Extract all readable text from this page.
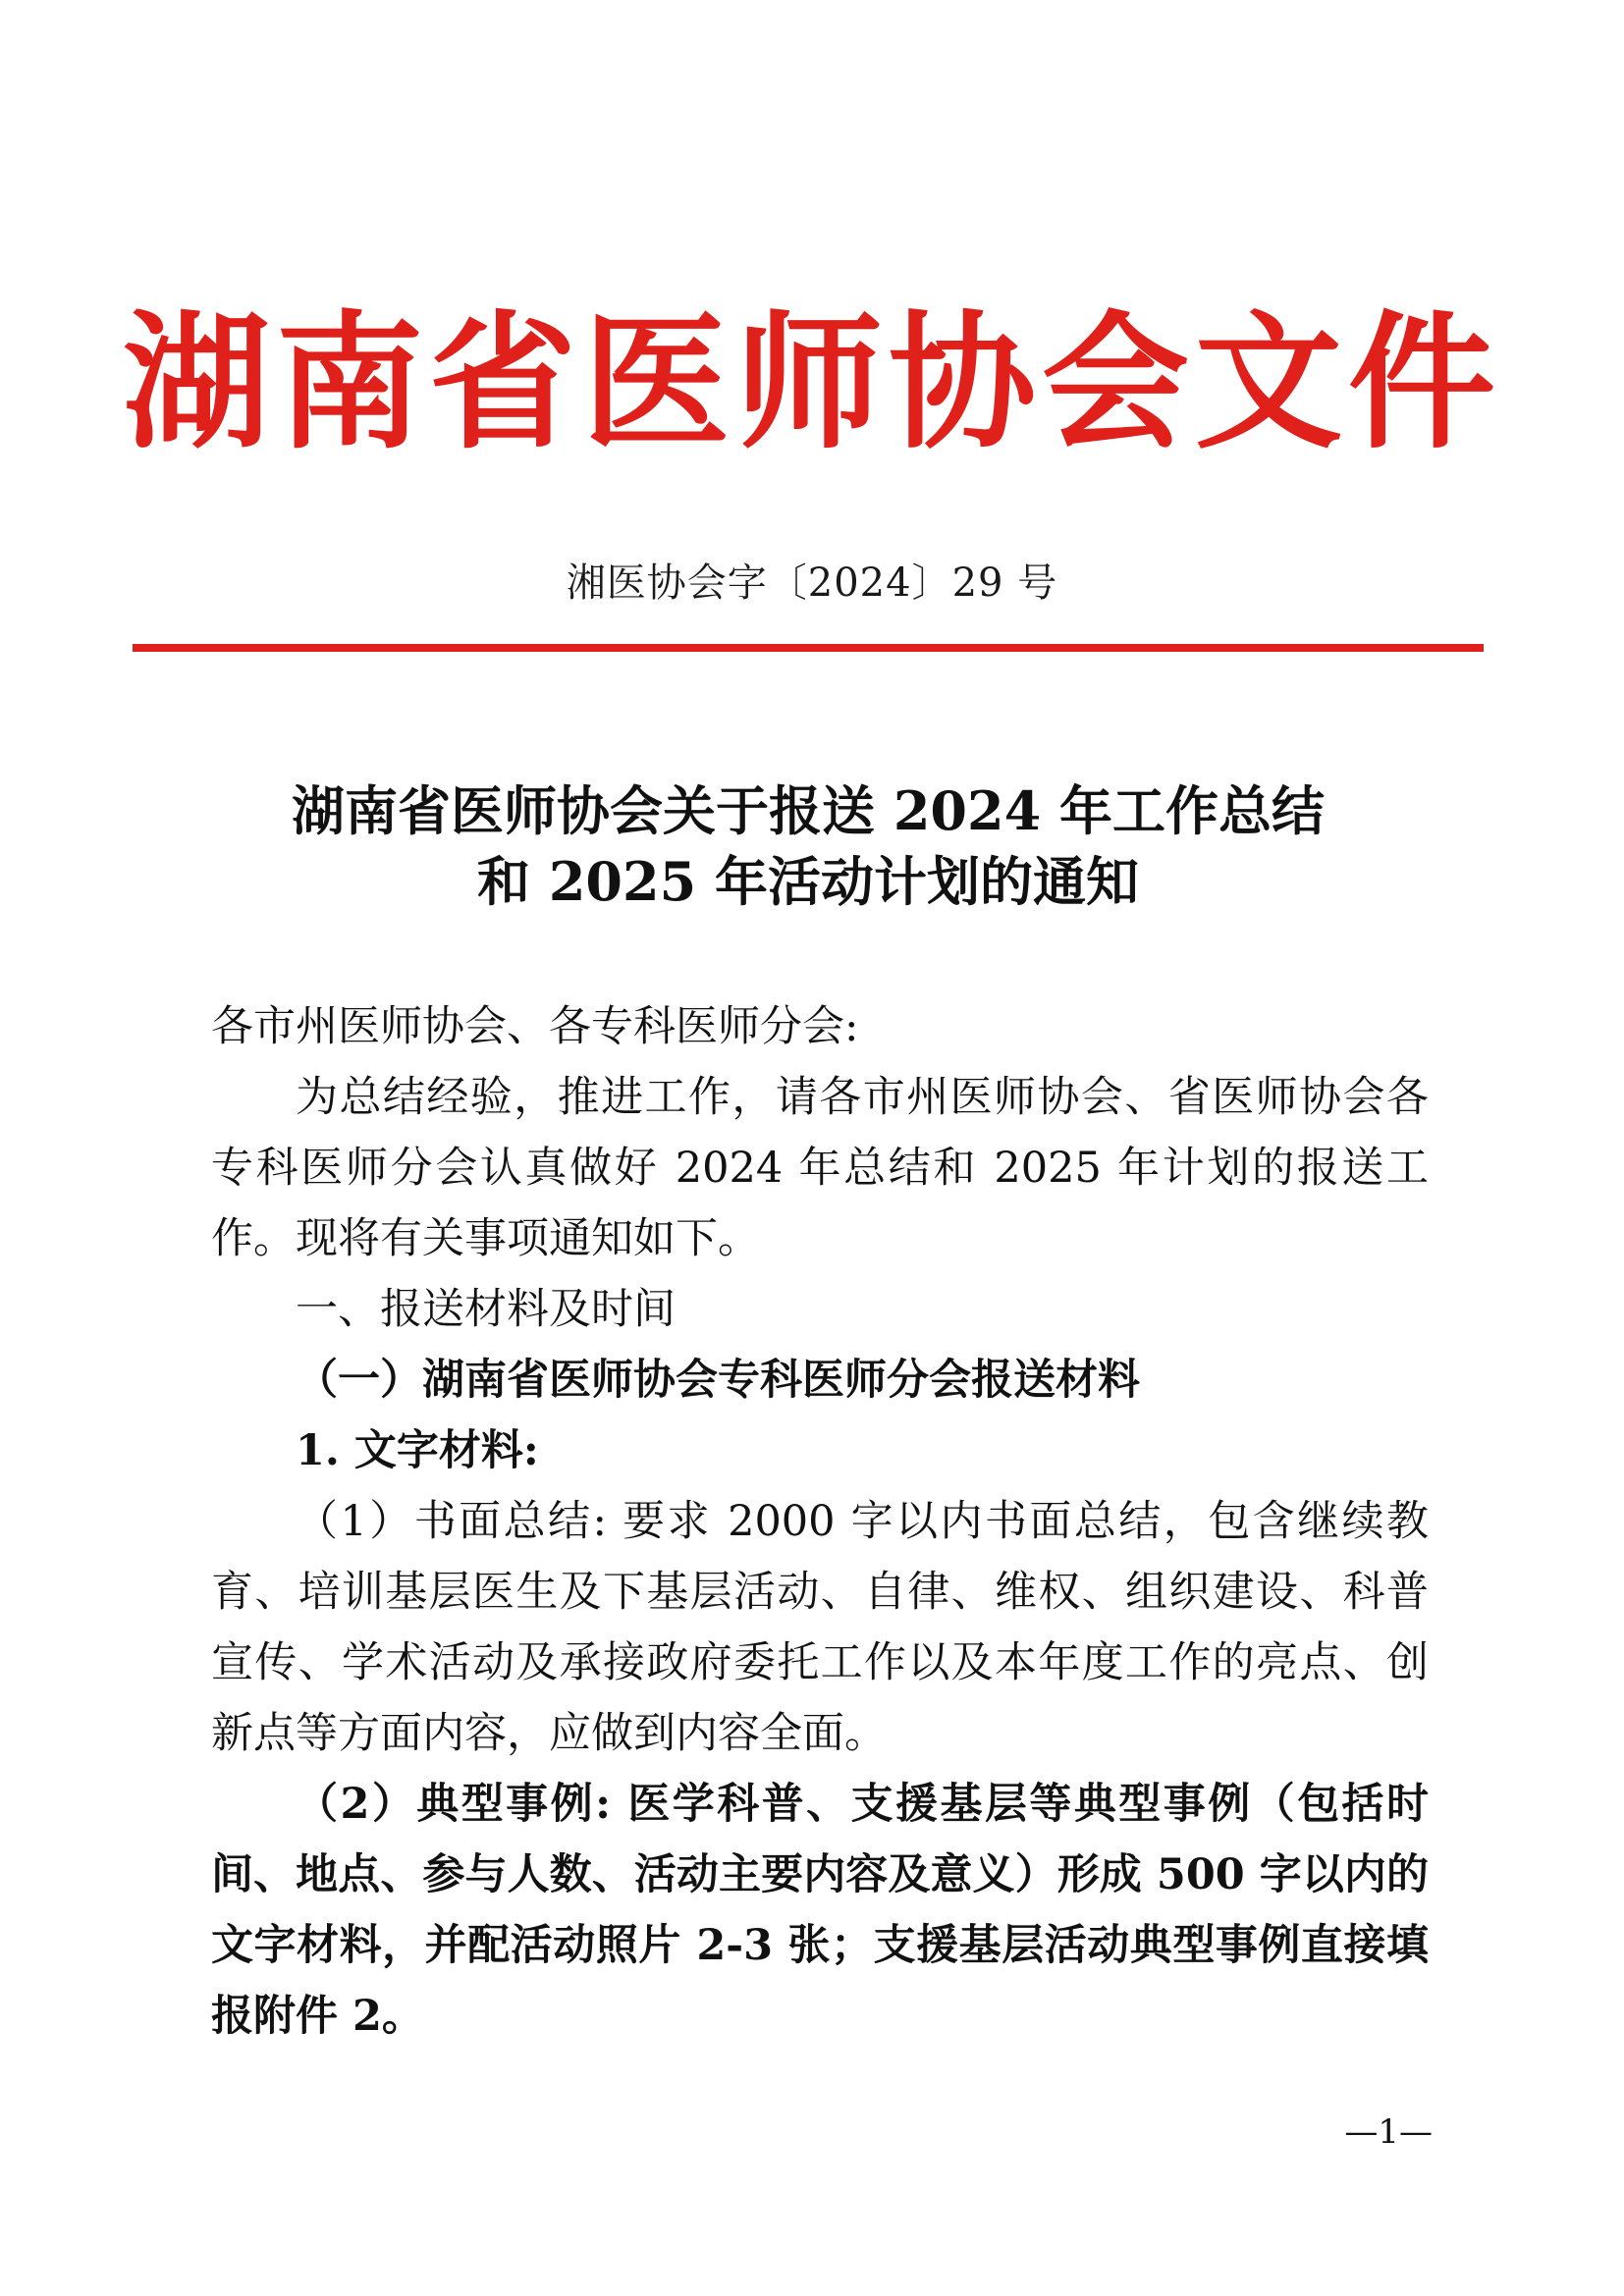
湖南省医师协会文件
湘医协会字〔2024〕29 号
湖南省医师协会关于报送 2024 年工作总结
和 2025 年活动计划的通知

各市州医师协会、各专科医师分会:

为总结经验，推进工作，请各市州医师协会、省医师协会各专科医师分会认真做好 2024 年总结和 2025 年计划的报送工作。现将有关事项通知如下。

一、报送材料及时间

（一）湖南省医师协会专科医师分会报送材料

1. 文字材料:

（1）书面总结: 要求 2000 字以内书面总结，包含继续教育、培训基层医生及下基层活动、自律、维权、组织建设、科普宣传、学术活动及承接政府委托工作以及本年度工作的亮点、创新点等方面内容，应做到内容全面。

（2）典型事例: 医学科普、支援基层等典型事例（包括时间、地点、参与人数、活动主要内容及意义）形成 500 字以内的文字材料，并配活动照片 2-3 张；支援基层活动典型事例直接填报附件 2。

—1—
